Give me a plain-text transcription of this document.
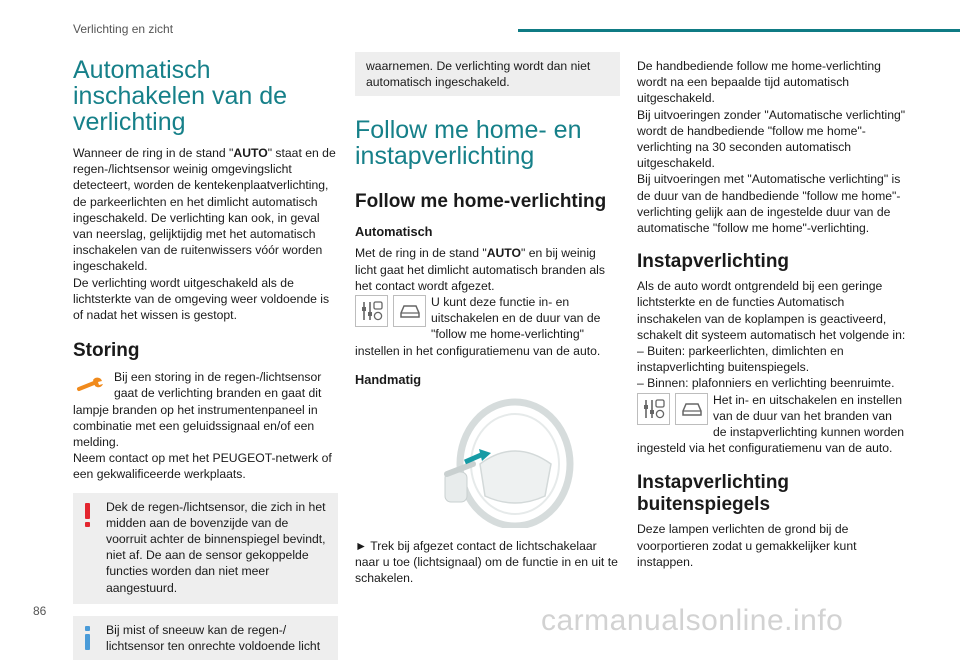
Verlichting en zicht
Automatisch inschakelen van de verlichting

Wanneer de ring in de stand "AUTO" staat en de regen-/lichtsensor weinig omgevingslicht detecteert, worden de kentekenplaatverlichting, de parkeerlichten en het dimlicht automatisch ingeschakeld. De verlichting kan ook, in geval van neerslag, gelijktijdig met het automatisch inschakelen van de ruitenwissers vóór worden ingeschakeld.

De verlichting wordt uitgeschakeld als de lichtsterkte van de omgeving weer voldoende is of nadat het wissen is gestopt.

Storing

Bij een storing in de regen-/lichtsensor gaat de verlichting branden en gaat dit lampje branden op het instrumentenpaneel in combinatie met een geluidssignaal en/of een melding.

Neem contact op met het PEUGEOT-netwerk of een gekwalificeerde werkplaats.

Dek de regen-/lichtsensor, die zich in het midden aan de bovenzijde van de voorruit achter de binnenspiegel bevindt, niet af. De aan de sensor gekoppelde functies worden dan niet meer aangestuurd.

Bij mist of sneeuw kan de regen-/ lichtsensor ten onrechte voldoende licht

waarnemen. De verlichting wordt dan niet automatisch ingeschakeld.

Follow me home- en instapverlichting
Follow me home-verlichting
Automatisch

Met de ring in de stand "AUTO" en bij weinig licht gaat het dimlicht automatisch branden als het contact wordt afgezet.

U kunt deze functie in- en uitschakelen en de duur van de "follow me home-verlichting" instellen in het configuratiemenu van de auto.

Handmatig

► Trek bij afgezet contact de lichtschakelaar naar u toe (lichtsignaal) om de functie in en uit te schakelen.

De handbediende follow me home-verlichting wordt na een bepaalde tijd automatisch uitgeschakeld.

Bij uitvoeringen zonder "Automatische verlichting" wordt de handbediende "follow me home"-verlichting na 30 seconden automatisch uitgeschakeld.

Bij uitvoeringen met "Automatische verlichting" is de duur van de handbediende "follow me home"-verlichting gelijk aan de ingestelde duur van de automatische "follow me home"-verlichting.

Instapverlichting

Als de auto wordt ontgrendeld bij een geringe lichtsterkte en de functies Automatisch inschakelen van de koplampen is geactiveerd, schakelt dit systeem automatisch het volgende in:

– Buiten: parkeerlichten, dimlichten en instapverlichting buitenspiegels.

– Binnen: plafonniers en verlichting beenruimte.

Het in- en uitschakelen en instellen van de duur van het branden van de instapverlichting kunnen worden ingesteld via het configuratiemenu van de auto.

Instapverlichting buitenspiegels

Deze lampen verlichten de grond bij de voorportieren zodat u gemakkelijker kunt instappen.

86	carmanualsonline.info
